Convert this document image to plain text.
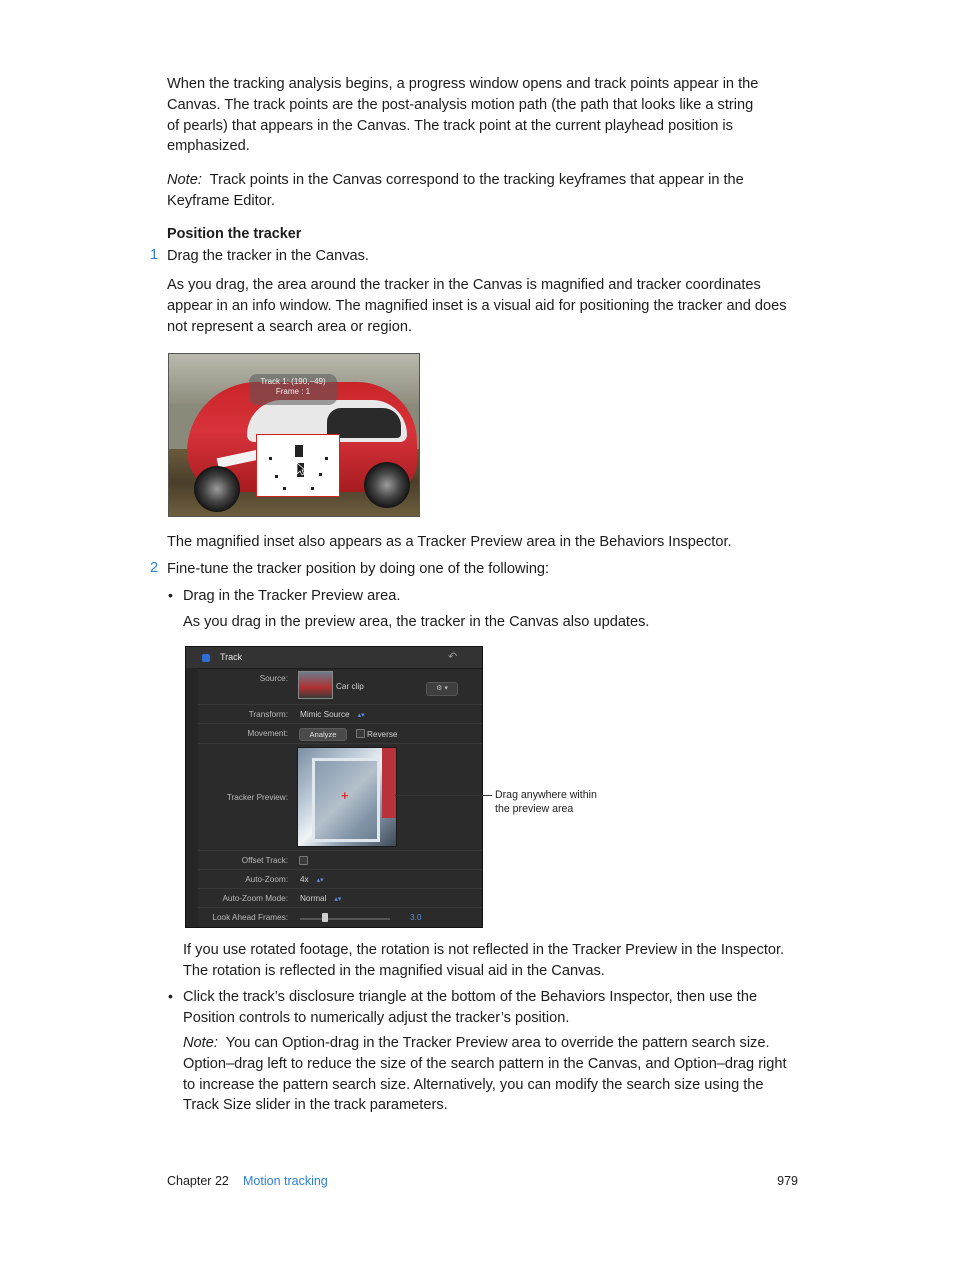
When the tracking analysis begins, a progress window opens and track points appear in the Canvas. The track points are the post-analysis motion path (the path that looks like a string of pearls) that appears in the Canvas. The track point at the current playhead position is emphasized.

Note: Track points in the Canvas correspond to the tracking keyframes that appear in the Keyframe Editor.

Position the tracker

1 Drag the tracker in the Canvas.

As you drag, the area around the tracker in the Canvas is magnified and tracker coordinates appear in an info window. The magnified inset is a visual aid for positioning the tracker and does not represent a search area or region.

Track 1: (190,−49)
Frame : 1

The magnified inset also appears as a Tracker Preview area in the Behaviors Inspector.

2 Fine-tune the tracker position by doing one of the following:

• Drag in the Tracker Preview area.

As you drag in the preview area, the tracker in the Canvas also updates.

Track	↶
Source:
Car clip	⚙ ▾
Transform: Mimic Source ▴▾
Movement:	Analyze	Reverse
Tracker Preview:	+
Offset Track:
Auto-Zoom: 4x ▴▾
Auto-Zoom Mode: Normal ▴▾
Look Ahead Frames:	3.0
Drag anywhere within
the preview area

If you use rotated footage, the rotation is not reflected in the Tracker Preview in the Inspector. The rotation is reflected in the magnified visual aid in the Canvas.

• Click the track’s disclosure triangle at the bottom of the Behaviors Inspector, then use the Position controls to numerically adjust the tracker’s position.

Note: You can Option-drag in the Tracker Preview area to override the pattern search size. Option–drag left to reduce the size of the search pattern in the Canvas, and Option–drag right to increase the pattern search size. Alternatively, you can modify the search size using the Track Size slider in the track parameters.

Chapter 22 Motion tracking	979
